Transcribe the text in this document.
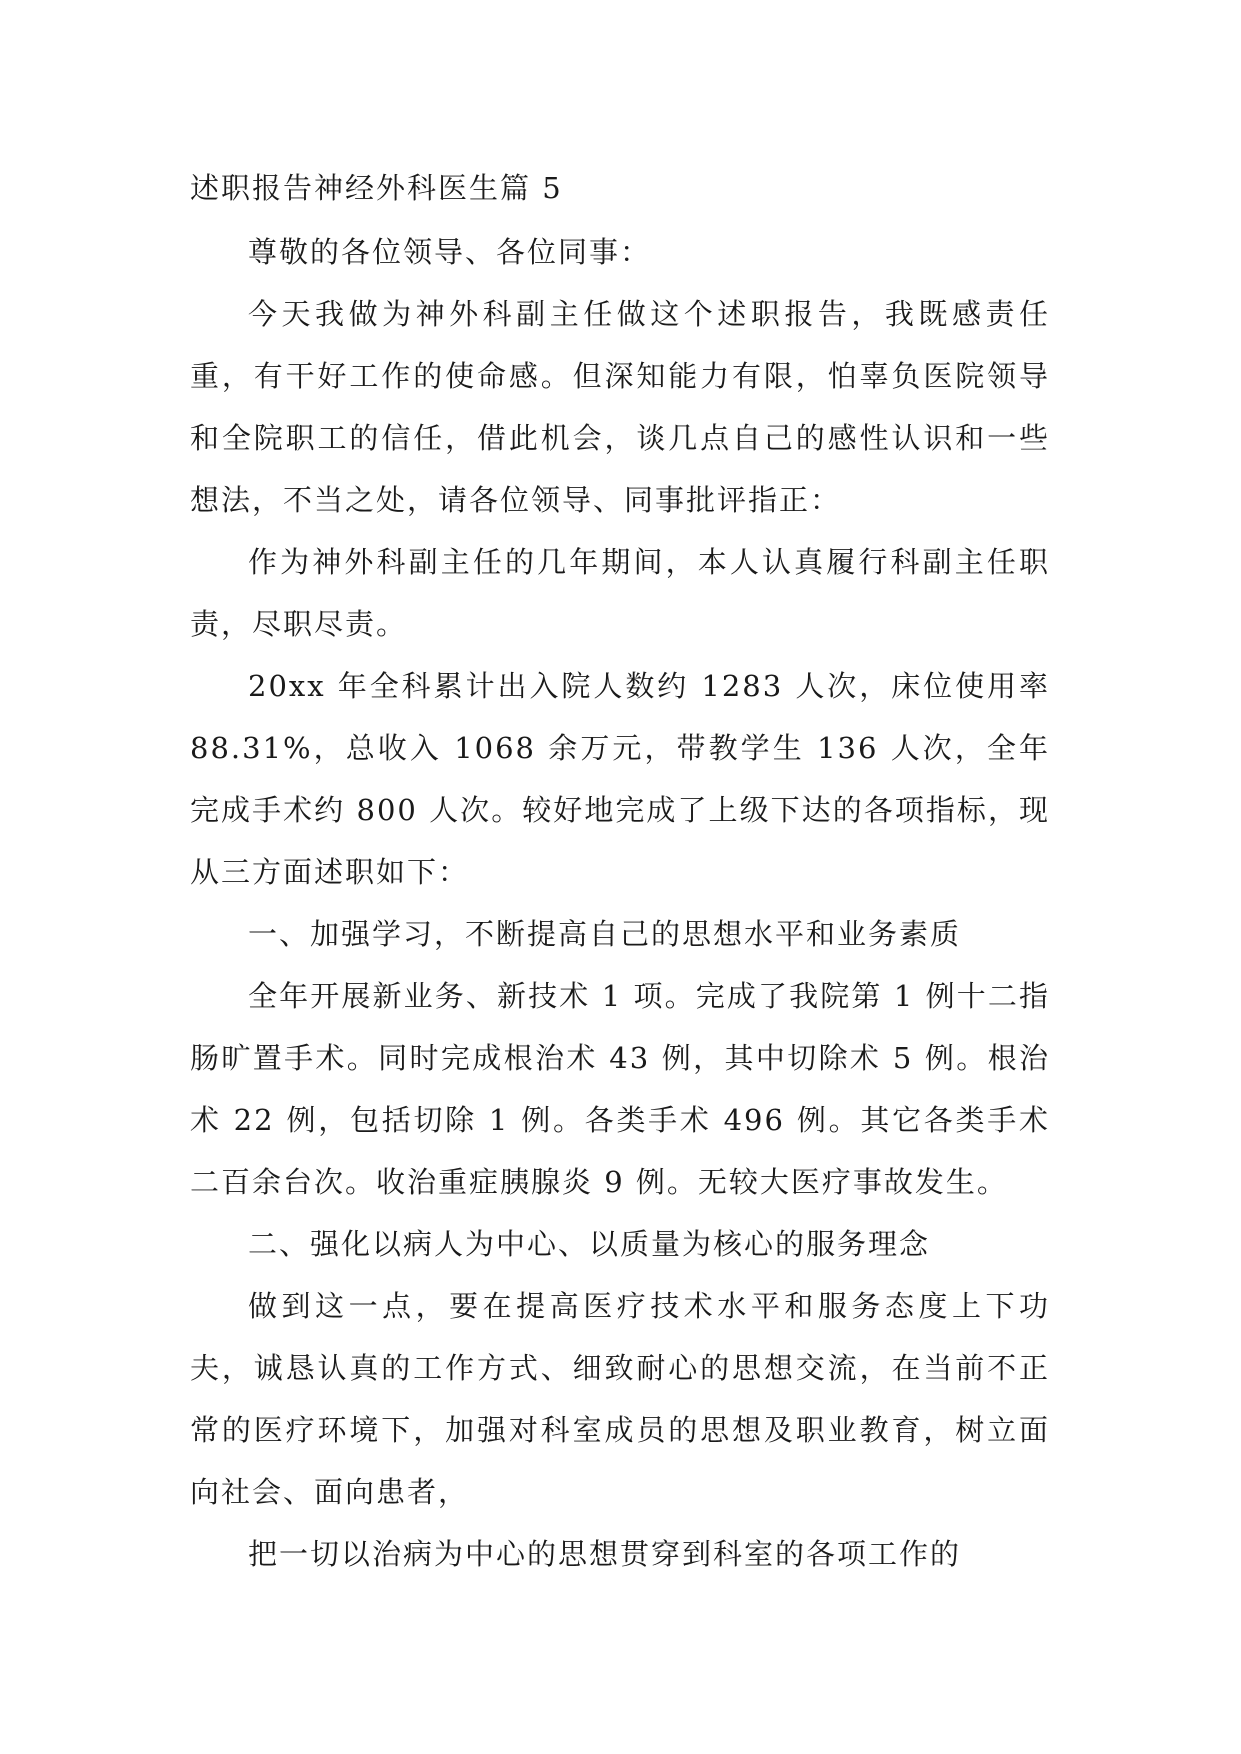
述职报告神经外科医生篇 5

尊敬的各位领导、各位同事：

今天我做为神外科副主任做这个述职报告，我既感责任重，有干好工作的使命感。但深知能力有限，怕辜负医院领导和全院职工的信任，借此机会，谈几点自己的感性认识和一些想法，不当之处，请各位领导、同事批评指正：

作为神外科副主任的几年期间，本人认真履行科副主任职责，尽职尽责。

20xx 年全科累计出入院人数约 1283 人次，床位使用率 88.31%，总收入 1068 余万元，带教学生 136 人次，全年完成手术约 800 人次。较好地完成了上级下达的各项指标，现从三方面述职如下：

一、加强学习，不断提高自己的思想水平和业务素质

全年开展新业务、新技术 1 项。完成了我院第 1 例十二指肠旷置手术。同时完成根治术 43 例，其中切除术 5 例。根治术 22 例，包括切除 1 例。各类手术 496 例。其它各类手术二百余台次。收治重症胰腺炎 9 例。无较大医疗事故发生。

二、强化以病人为中心、以质量为核心的服务理念

做到这一点，要在提高医疗技术水平和服务态度上下功夫，诚恳认真的工作方式、细致耐心的思想交流，在当前不正常的医疗环境下，加强对科室成员的思想及职业教育，树立面向社会、面向患者，

把一切以治病为中心的思想贯穿到科室的各项工作的
